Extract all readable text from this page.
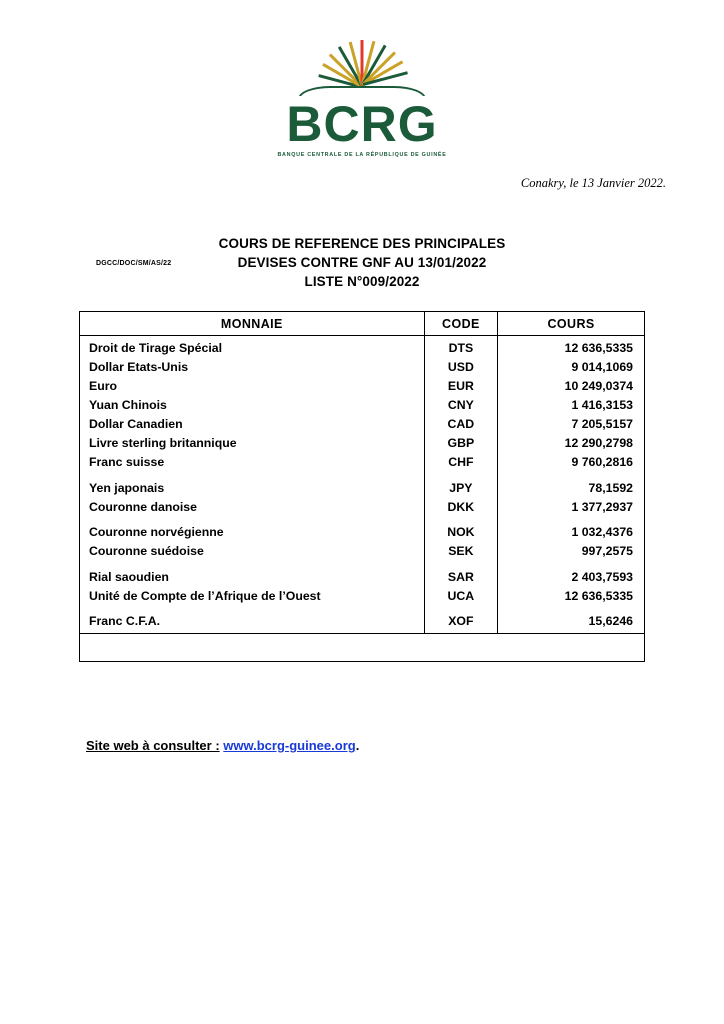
BCRG
BANQUE CENTRALE DE LA RÉPUBLIQUE DE GUINÉE
Conakry, le 13 Janvier 2022.
DGCC/DOC/SM/AS/22
COURS DE REFERENCE DES PRINCIPALES
DEVISES CONTRE GNF AU 13/01/2022
LISTE N°009/2022
MONNAIE	CODE	COURS
Droit de Tirage Spécial	DTS	12 636,5335
Dollar Etats-Unis	USD	9 014,1069
Euro	EUR	10 249,0374
Yuan Chinois	CNY	1 416,3153
Dollar Canadien	CAD	7 205,5157
Livre sterling britannique	GBP	12 290,2798
Franc suisse	CHF	9 760,2816
Yen japonais	JPY	78,1592
Couronne danoise	DKK	1 377,2937
Couronne norvégienne	NOK	1 032,4376
Couronne suédoise	SEK	997,2575
Rial saoudien	SAR	2 403,7593
Unité de Compte de l’Afrique de l’Ouest	UCA	12 636,5335
Franc C.F.A.	XOF	15,6246
Site web à consulter : www.bcrg-guinee.org.
